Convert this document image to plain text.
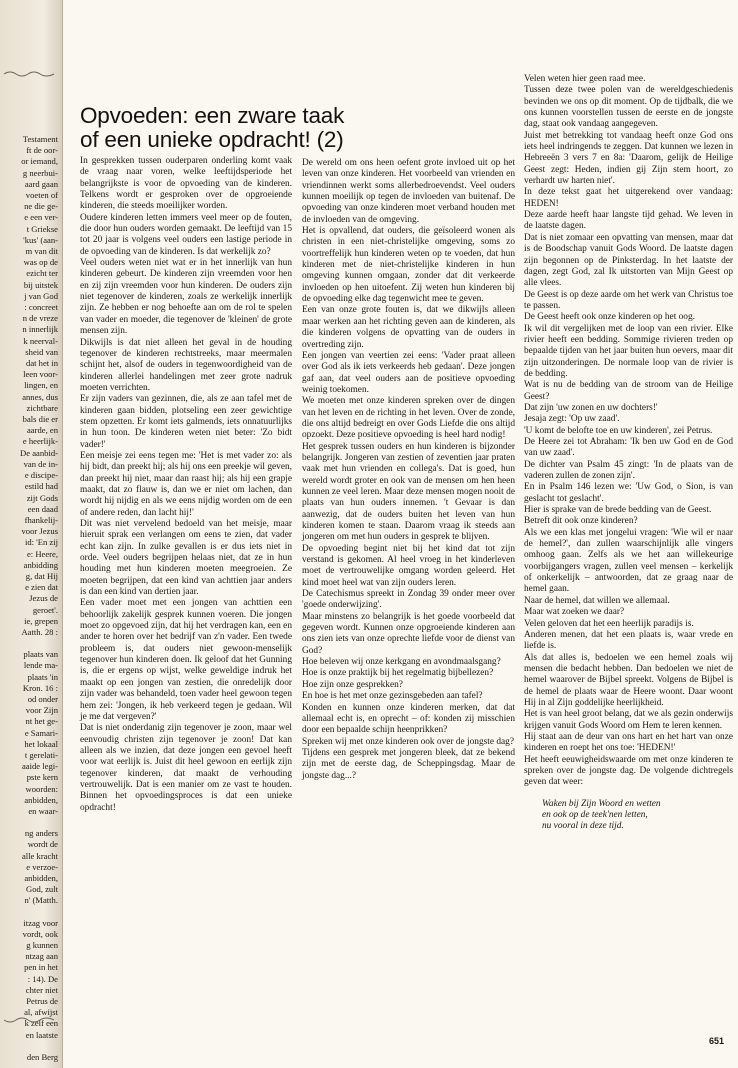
Testament
ft de oor-
or iemand,
g neerbui-
aard gaan
voeten of
ne die ge-
e een ver-
t Griekse
'kus' (aan-
m van dit
was op de
ezicht ter
bij uitstek
j van God
: concreet
n de vreze
n innerlijk
k neerval-
sheid van
dat het in
leen voor-
lingen, en
annes, dus
zichtbare
bals die er
aarde, en
e heerlijk-
De aanbid-
van de in-
e discipe-
estild had
zijt Gods
een daad
fhankelij-
voor Jezus
id: 'En zij
e: Heere,
anbidding
g, dat Hij
e zien dat
Jezus de
geroet'.
ie, grepen
Aatth. 28 :
plaats van
lende ma-
plaats 'in
Kron. 16 :
od onder
voor Zijn
nt het ge-
e Samari-
het lokaal
t gerelati-
aaide legi-
pste kern
woorden:
anbidden,
en waar-
ng anders
wordt de
alle kracht
e verzoe-
anbidden,
God, zult
n' (Matth.
itzag voor
vordt, ook
g kunnen
ntzag aan
pen in het
: 14). De
chter niet
Petrus de
al, afwijst
k zelf een
en laatste
den Berg
Opvoeden: een zware taak
of een unieke opdracht! (2)

In gesprekken tussen ouderparen onderling komt vaak de vraag naar voren, welke leeftijdsperiode het belangrijkste is voor de opvoeding van de kinderen. Telkens wordt er gesproken over de opgroeiende kinderen, die steeds moeilijker worden.

Oudere kinderen letten immers veel meer op de fouten, die door hun ouders worden gemaakt. De leeftijd van 15 tot 20 jaar is volgens veel ouders een lastige periode in de opvoeding van de kinderen. Is dat werkelijk zo?

Veel ouders weten niet wat er in het innerlijk van hun kinderen gebeurt. De kinderen zijn vreemden voor hen en zij zijn vreemden voor hun kinderen. De ouders zijn niet tegenover de kinderen, zoals ze werkelijk innerlijk zijn. Ze hebben er nog behoefte aan om de rol te spelen van vader en moeder, die tegenover de 'kleinen' de grote mensen zijn.

Dikwijls is dat niet alleen het geval in de houding tegenover de kinderen rechtstreeks, maar meermalen schijnt het, alsof de ouders in tegenwoordigheid van de kinderen allerlei handelingen met zeer grote nadruk moeten verrichten.

Er zijn vaders van gezinnen, die, als ze aan tafel met de kinderen gaan bidden, plotseling een zeer gewichtige stem opzetten. Er komt iets galmends, iets onnatuurlijks in hun toon. De kinderen weten niet beter: 'Zo bidt vader!'

Een meisje zei eens tegen me: 'Het is met vader zo: als hij bidt, dan preekt hij; als hij ons een preekje wil geven, dan preekt hij niet, maar dan raast hij; als hij een grapje maakt, dat zo flauw is, dan we er niet om lachen, dan wordt hij nijdig en als we eens nijdig worden om de een of andere reden, dan lacht hij!'

Dit was niet vervelend bedoeld van het meisje, maar hieruit sprak een verlangen om eens te zien, dat vader echt kan zijn. In zulke gevallen is er dus iets niet in orde. Veel ouders begrijpen helaas niet, dat ze in hun houding met hun kinderen moeten meegroeien. Ze moeten begrijpen, dat een kind van achttien jaar anders is dan een kind van dertien jaar.

Een vader moet met een jongen van achttien een behoorlijk zakelijk gesprek kunnen voeren. Die jongen moet zo opgevoed zijn, dat hij het verdragen kan, een en ander te horen over het bedrijf van z'n vader. Een twede probleem is, dat ouders niet gewoon-menselijk tegenover hun kinderen doen. Ik geloof dat het Gunning is, die er ergens op wijst, welke geweldige indruk het maakt op een jongen van zestien, die onredelijk door zijn vader was behandeld, toen vader heel gewoon tegen hem zei: 'Jongen, ik heb verkeerd tegen je gedaan. Wil je me dat vergeven?'

Dat is niet onderdanig zijn tegenover je zoon, maar wel eenvoudig christen zijn tegenover je zoon! Dat kan alleen als we inzien, dat deze jongen een gevoel heeft voor wat eerlijk is. Juist dit heel gewoon en eerlijk zijn tegenover kinderen, dat maakt de verhouding vertrouwelijk. Dat is een manier om ze vast te houden. Binnen het opvoedingsproces is dat een unieke opdracht!

De wereld om ons heen oefent grote invloed uit op het leven van onze kinderen. Het voorbeeld van vrienden en vriendinnen werkt soms allerbedroevendst. Veel ouders kunnen moeilijk op tegen de invloeden van buitenaf. De opvoeding van onze kinderen moet verband houden met de invloeden van de omgeving.

Het is opvallend, dat ouders, die geïsoleerd wonen als christen in een niet-christelijke omgeving, soms zo voortreffelijk hun kinderen weten op te voeden, dat hun kinderen met de niet-christelijke kinderen in hun omgeving kunnen omgaan, zonder dat dit verkeerde invloeden op hen uitoefent. Zij weten hun kinderen bij de opvoeding elke dag tegenwicht mee te geven.

Een van onze grote fouten is, dat we dikwijls alleen maar werken aan het richting geven aan de kinderen, als die kinderen volgens de opvatting van de ouders in overtreding zijn.

Een jongen van veertien zei eens: 'Vader praat alleen over God als ik iets verkeerds heb gedaan'. Deze jongen gaf aan, dat veel ouders aan de positieve opvoeding weinig toekomen.

We moeten met onze kinderen spreken over de dingen van het leven en de richting in het leven. Over de zonde, die ons altijd bedreigt en over Gods Liefde die ons altijd opzoekt. Deze positieve opvoeding is heel hard nodig!

Het gesprek tussen ouders en hun kinderen is bijzonder belangrijk. Jongeren van zestien of zeventien jaar praten vaak met hun vrienden en collega's. Dat is goed, hun wereld wordt groter en ook van de mensen om hen heen kunnen ze veel leren. Maar deze mensen mogen nooit de plaats van hun ouders innemen. 't Gevaar is dan aanwezig, dat de ouders buiten het leven van hun kinderen komen te staan. Daarom vraag ik steeds aan jongeren om met hun ouders in gesprek te blijven.

De opvoeding begint niet bij het kind dat tot zijn verstand is gekomen. Al heel vroeg in het kinderleven moet de vertrouwelijke omgang worden geleerd. Het kind moet heel wat van zijn ouders leren.

De Catechismus spreekt in Zondag 39 onder meer over 'goede onderwijzing'.

Maar minstens zo belangrijk is het goede voorbeeld dat gegeven wordt. Kunnen onze opgroeiende kinderen aan ons zien iets van onze oprechte liefde voor de dienst van God?

Hoe beleven wij onze kerkgang en avondmaalsgang?

Hoe is onze praktijk bij het regelmatig bijbellezen?

Hoe zijn onze gesprekken?

En hoe is het met onze gezinsgebeden aan tafel?

Konden en kunnen onze kinderen merken, dat dat allemaal echt is, en oprecht – of: konden zij misschien door een bepaalde schijn heenprikken?

Spreken wij met onze kinderen ook over de jongste dag?

Tijdens een gesprek met jongeren bleek, dat ze bekend zijn met de eerste dag, de Scheppingsdag. Maar de jongste dag...?

Velen weten hier geen raad mee.

Tussen deze twee polen van de wereldgeschiedenis bevinden we ons op dit moment. Op de tijdbalk, die we ons kunnen voorstellen tussen de eerste en de jongste dag, staat ook vandaag aangegeven.

Juist met betrekking tot vandaag heeft onze God ons iets heel indringends te zeggen. Dat kunnen we lezen in Hebreeën 3 vers 7 en 8a: 'Daarom, gelijk de Heilige Geest zegt: Heden, indien gij Zijn stem hoort, zo verhardt uw harten niet'.

In deze tekst gaat het uitgerekend over vandaag: HEDEN!

Deze aarde heeft haar langste tijd gehad. We leven in de laatste dagen.

Dat is niet zomaar een opvatting van mensen, maar dat is de Boodschap vanuit Gods Woord. De laatste dagen zijn begonnen op de Pinksterdag. In het laatste der dagen, zegt God, zal Ik uitstorten van Mijn Geest op alle vlees.

De Geest is op deze aarde om het werk van Christus toe te passen.

De Geest heeft ook onze kinderen op het oog.

Ik wil dit vergelijken met de loop van een rivier. Elke rivier heeft een bedding. Sommige rivieren treden op bepaalde tijden van het jaar buiten hun oevers, maar dit zijn uitzonderingen. De normale loop van de rivier is de bedding.

Wat is nu de bedding van de stroom van de Heilige Geest?

Dat zijn 'uw zonen en uw dochters!'

Jesaja zegt: 'Op uw zaad'.

'U komt de belofte toe en uw kinderen', zei Petrus.

De Heere zei tot Abraham: 'Ik ben uw God en de God van uw zaad'.

De dichter van Psalm 45 zingt: 'In de plaats van de vaderen zullen de zonen zijn'.

En in Psalm 146 lezen we: 'Uw God, o Sion, is van geslacht tot geslacht'.

Hier is sprake van de brede bedding van de Geest.

Betreft dit ook onze kinderen?

Als we een klas met jongelui vragen: 'Wie wil er naar de hemel?', dan zullen waarschijnlijk alle vingers omhoog gaan. Zelfs als we het aan willekeurige voorbijgangers vragen, zullen veel mensen – kerkelijk of onkerkelijk – antwoorden, dat ze graag naar de hemel gaan.

Naar de hemel, dat willen we allemaal.

Maar wat zoeken we daar?

Velen geloven dat het een heerlijk paradijs is.

Anderen menen, dat het een plaats is, waar vrede en liefde is.

Als dat alles is, bedoelen we een hemel zoals wij mensen die bedacht hebben. Dan bedoelen we niet de hemel waarover de Bijbel spreekt. Volgens de Bijbel is de hemel de plaats waar de Heere woont. Daar woont Hij in al Zijn goddelijke heerlijkheid.

Het is van heel groot belang, dat we als gezin onderwijs krijgen vanuit Gods Woord om Hem te leren kennen.

Hij staat aan de deur van ons hart en het hart van onze kinderen en roept het ons toe: 'HEDEN!'

Het heeft eeuwigheidswaarde om met onze kinderen te spreken over de jongste dag. De volgende dichtregels geven dat weer:

Waken bij Zijn Woord en wetten
en ook op de teek'nen letten,
nu vooral in deze tijd.
651
